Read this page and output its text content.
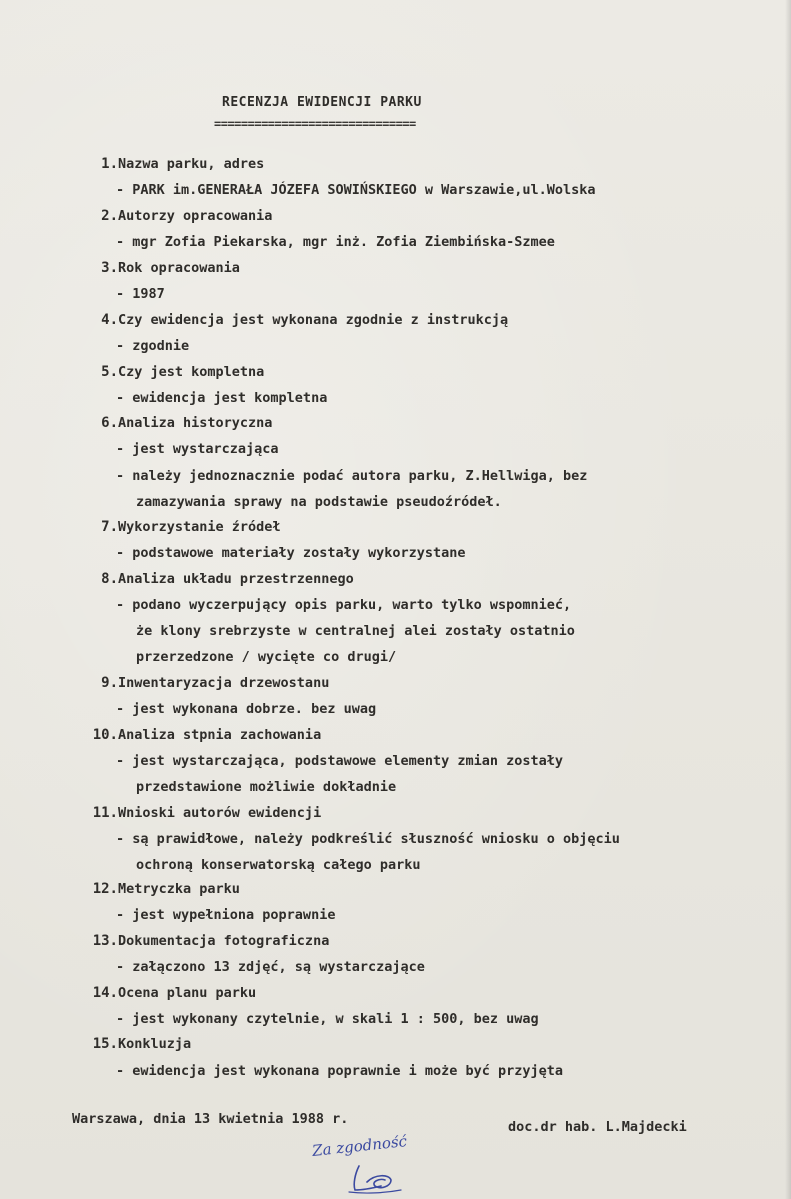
RECENZJA EWIDENCJI PARKU
==============================
1. Nazwa parku, adres
- PARK im.GENERAŁA JÓZEFA SOWIŃSKIEGO w Warszawie,ul.Wolska
2. Autorzy opracowania
- mgr Zofia Piekarska, mgr inż. Zofia Ziembińska-Szmee
3. Rok opracowania
- 1987
4. Czy ewidencja jest wykonana zgodnie z instrukcją
- zgodnie
5. Czy jest kompletna
- ewidencja jest kompletna
6. Analiza historyczna
- jest wystarczająca
- należy jednoznacznie podać autora parku, Z.Hellwiga, bez
zamazywania sprawy na podstawie pseudoźródeł.
7. Wykorzystanie źródeł
- podstawowe materiały zostały wykorzystane
8. Analiza układu przestrzennego
- podano wyczerpujący opis parku, warto tylko wspomnieć,
że klony srebrzyste w centralnej alei zostały ostatnio
przerzedzone / wycięte co drugi/
9. Inwentaryzacja drzewostanu
- jest wykonana dobrze. bez uwag
10. Analiza stpnia zachowania
- jest wystarczająca, podstawowe elementy zmian zostały
przedstawione możliwie dokładnie
11. Wnioski autorów ewidencji
- są prawidłowe, należy podkreślić słuszność wniosku o objęciu
ochroną konserwatorską całego parku
12. Metryczka parku
- jest wypełniona poprawnie
13. Dokumentacja fotograficzna
- załączono 13 zdjęć, są wystarczające
14. Ocena planu parku
- jest wykonany czytelnie, w skali 1 : 500, bez uwag
15. Konkluzja
- ewidencja jest wykonana poprawnie i może być przyjęta
Warszawa, dnia 13 kwietnia 1988 r.	doc.dr hab. L.Majdecki
Za zgodność
